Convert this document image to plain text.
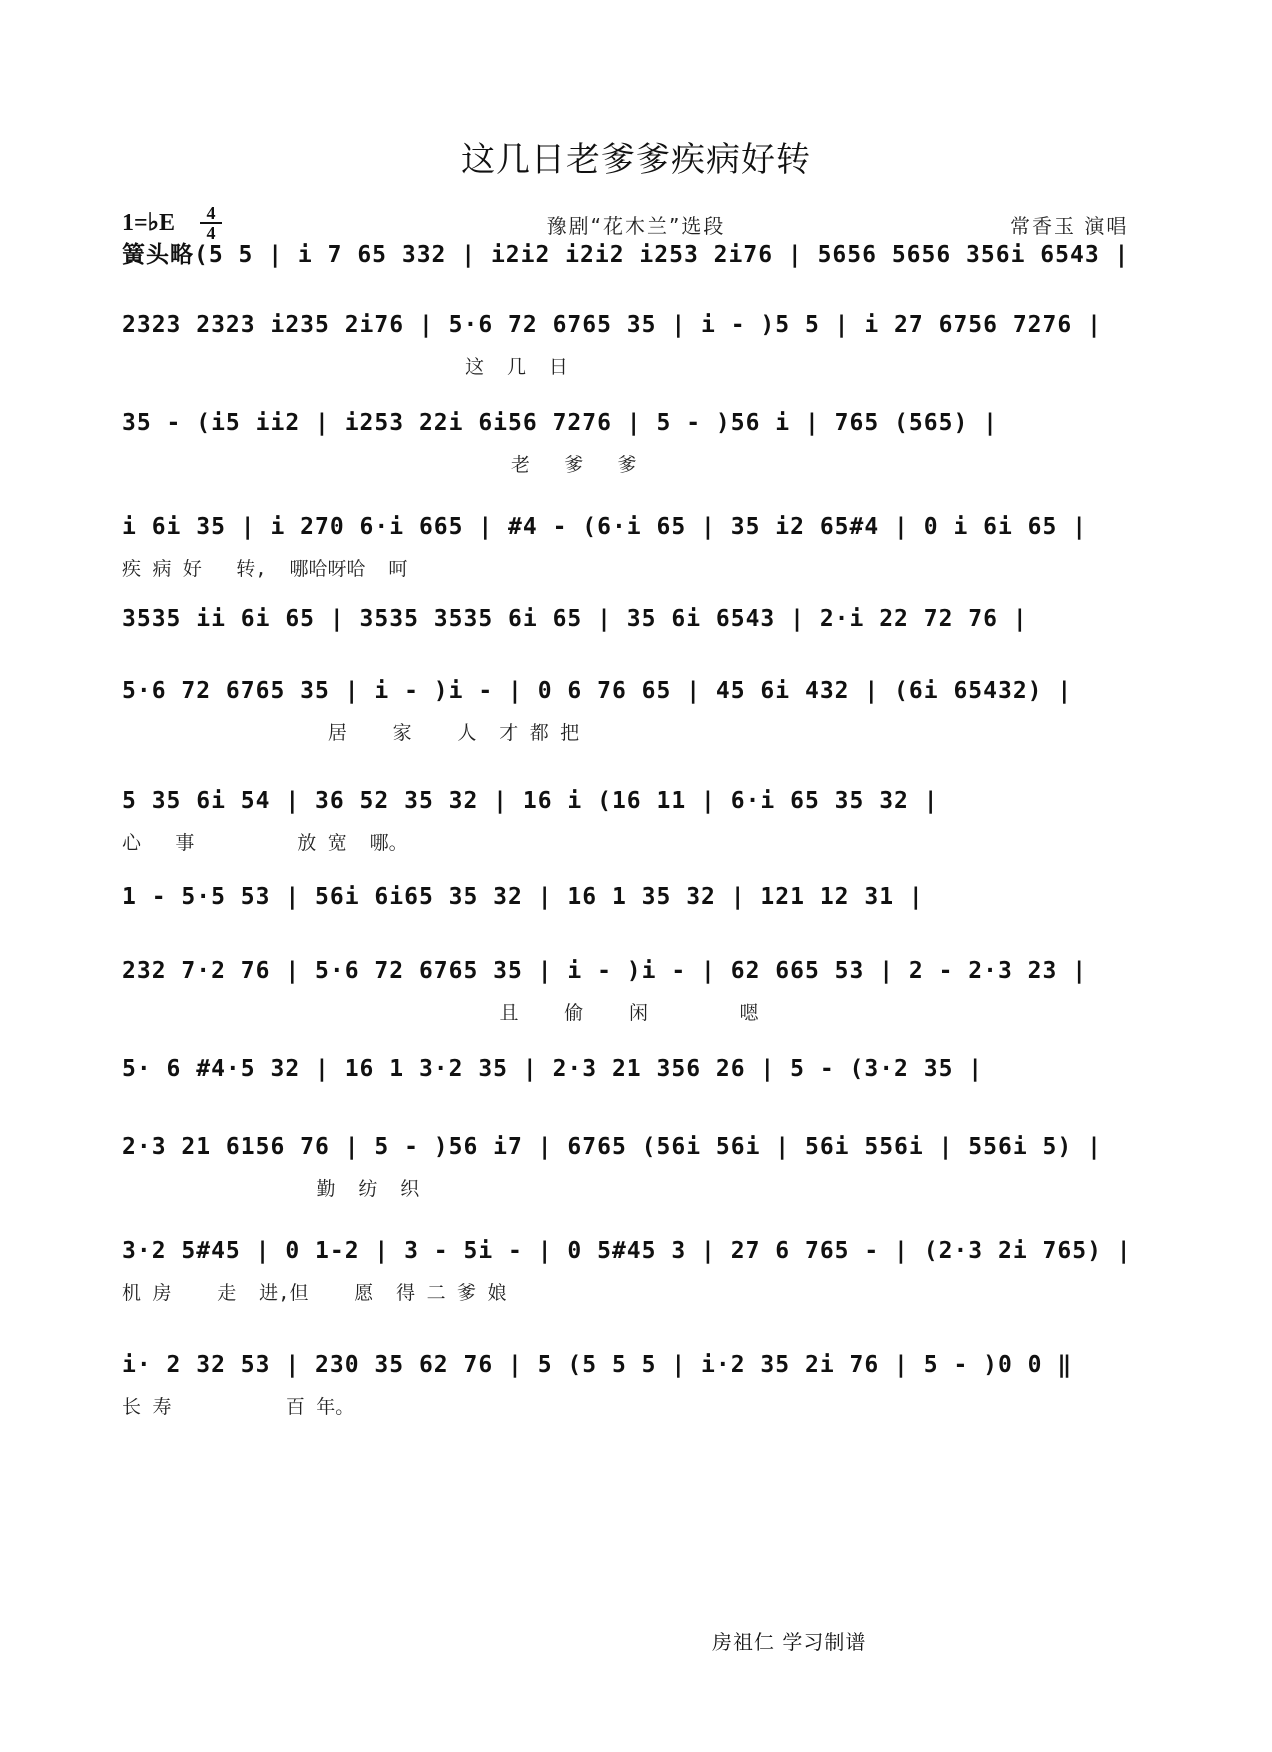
这几日老爹爹疾病好转
1=♭E	4
4	豫剧“花木兰”选段	常香玉 演唱
簧头略(5 5 | i 7 65 332 | i2i2 i2i2 i253 2i76 | 5656 5656 356i 6543 |
2323 2323 i235 2i76 | 5·6 72 6765 35 | i - )5 5 | i 27 6756 7276 |
这  几  日
35 - (i5 ii2 | i253 22i 6i56 7276 | 5 - )56 i | 765 (565) |
老   爹   爹
i 6i 35 | i 270 6·i 665 | #4 - (6·i 65 | 35 i2 65#4 | 0 i 6i 65 |
疾 病 好   转,  哪哈呀哈  呵
3535 ii 6i 65 | 3535 3535 6i 65 | 35 6i 6543 | 2·i 22 72 76 |
5·6 72 6765 35 | i - )i - | 0 6 76 65 | 45 6i 432 | (6i 65432) |
居    家    人  才 都 把
5 35 6i 54 | 36 52 35 32 | 16 i (16 11 | 6·i 65 35 32 |
心   事         放 宽  哪。
1 - 5·5 53 | 56i 6i65 35 32 | 16 1 35 32 | 121 12 31 |
232 7·2 76 | 5·6 72 6765 35 | i - )i - | 62 665 53 | 2 - 2·3 23 |
且    偷    闲        嗯
5· 6 #4·5 32 | 16 1 3·2 35 | 2·3 21 356 26 | 5 - (3·2 35 |
2·3 21 6156 76 | 5 - )56 i7 | 6765 (56i 56i | 56i 556i | 556i 5) |
勤  纺  织
3·2 5#45 | 0 1-2 | 3 - 5i - | 0 5#45 3 | 27 6 765 - | (2·3 2i 765) |
机 房    走  进,但    愿  得 二 爹 娘
i· 2 32 53 | 230 35 62 76 | 5 (5 5 5 | i·2 35 2i 76 | 5 - )0 0 ‖
长 寿          百 年。
房祖仁 学习制谱
